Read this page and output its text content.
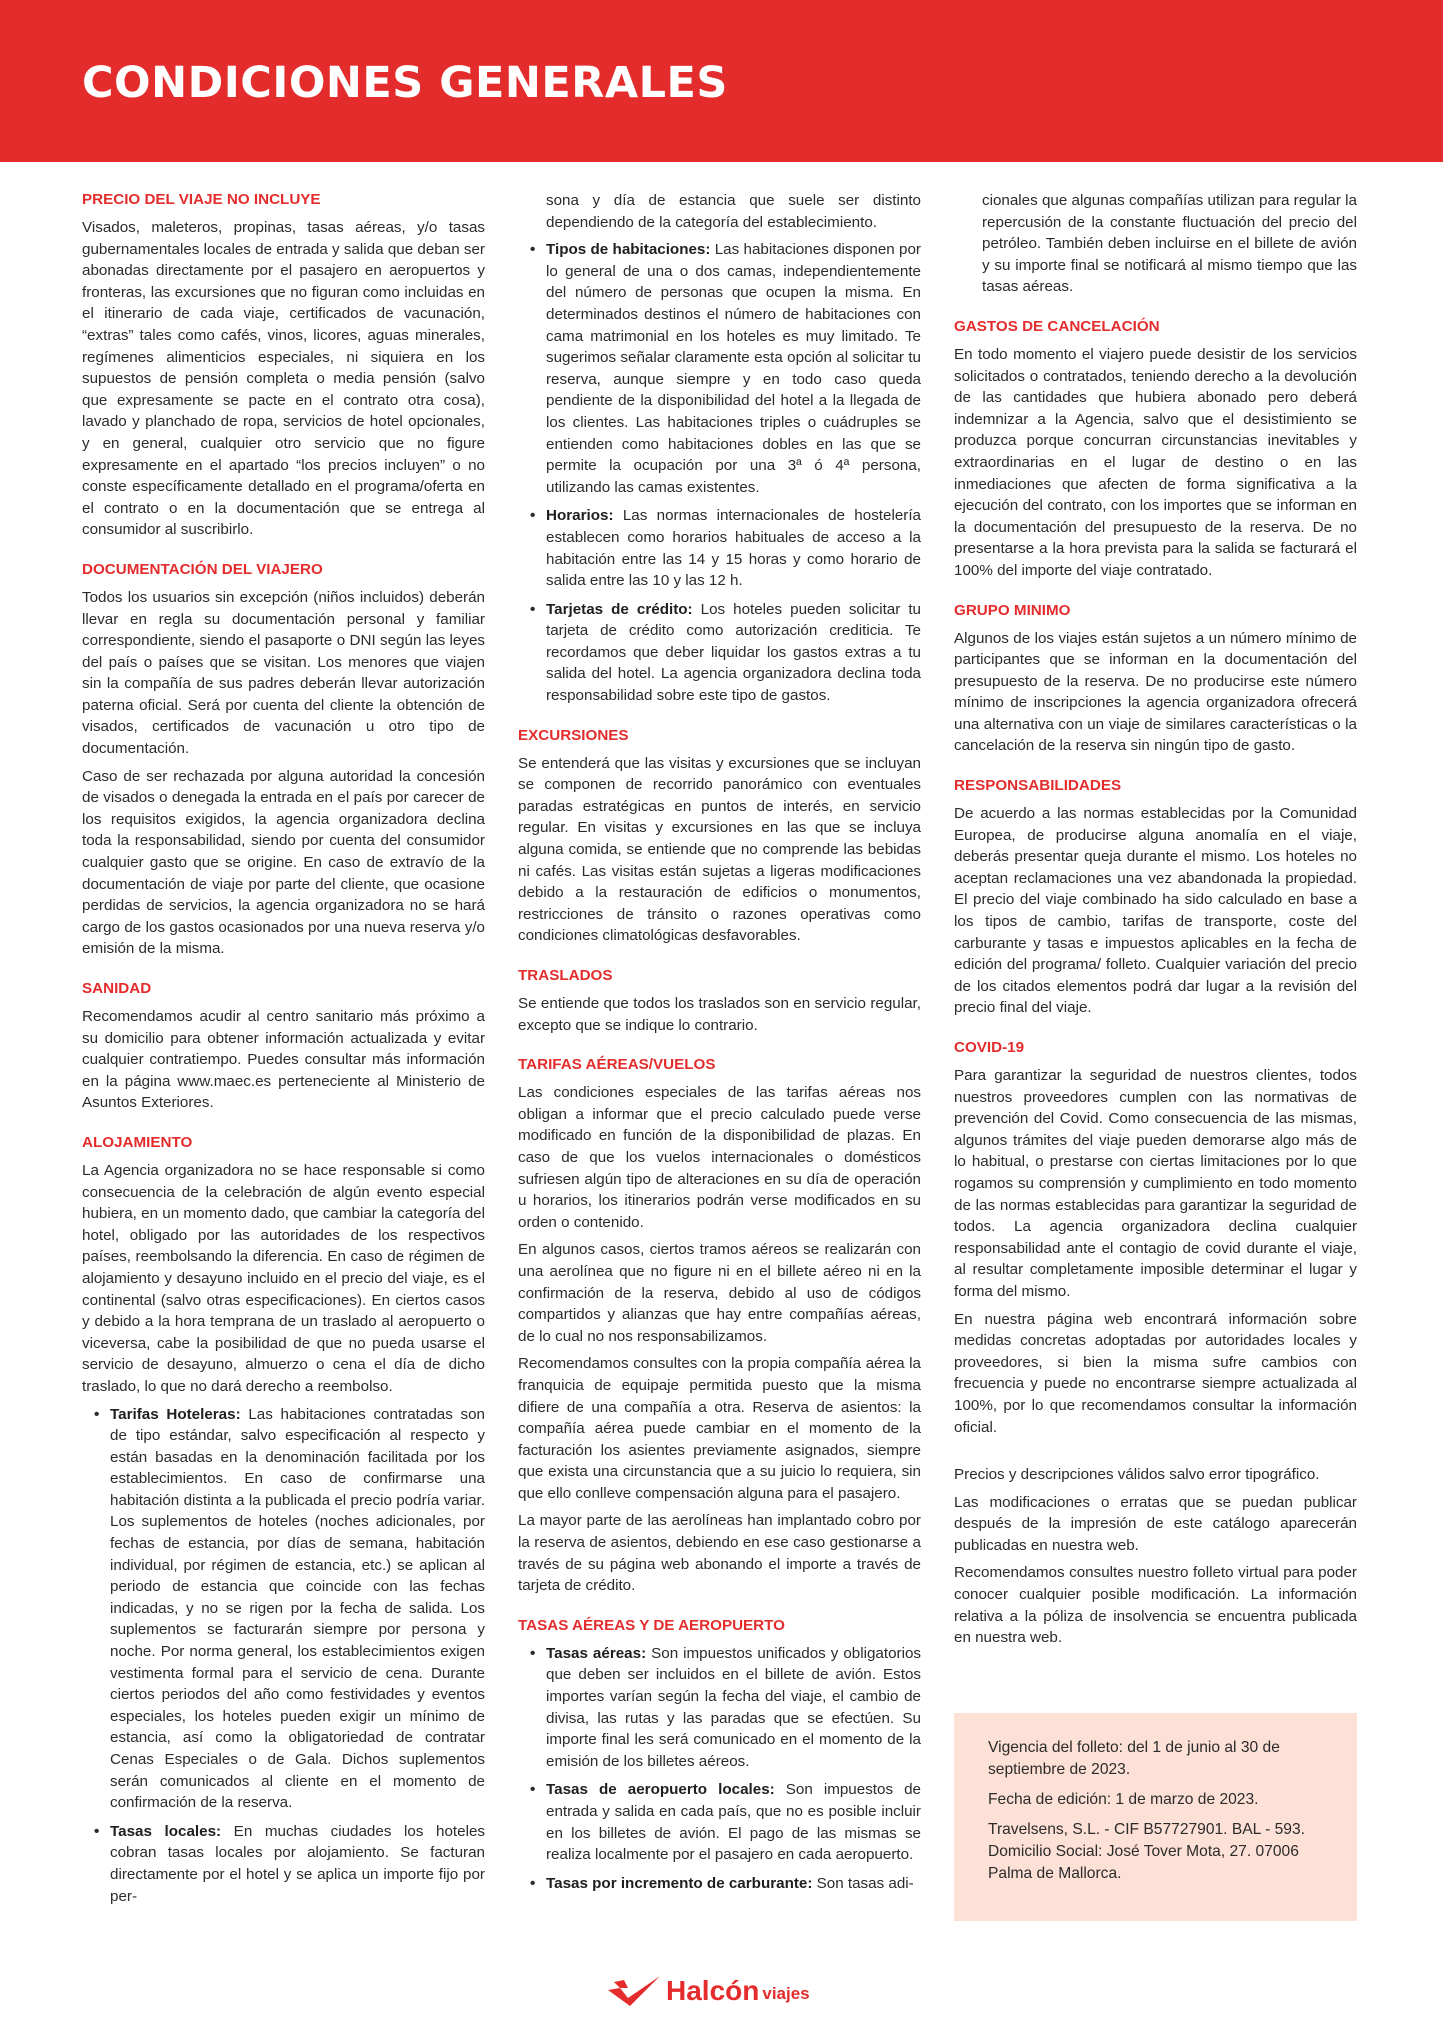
CONDICIONES GENERALES
PRECIO DEL VIAJE NO INCLUYE

Visados, maleteros, propinas, tasas aéreas, y/o tasas gubernamentales locales de entrada y salida que deban ser abonadas directamente por el pasajero en aeropuertos y fronteras, las excursiones que no figuran como incluidas en el itinerario de cada viaje, certificados de vacunación, “extras” tales como cafés, vinos, licores, aguas minerales, regímenes alimenticios especiales, ni siquiera en los supuestos de pensión completa o media pensión (salvo que expresamente se pacte en el contrato otra cosa), lavado y planchado de ropa, servicios de hotel opcionales, y en general, cualquier otro servicio que no figure expresamente en el apartado “los precios incluyen” o no conste específicamente detallado en el programa/oferta en el contrato o en la documentación que se entrega al consumidor al suscribirlo.

DOCUMENTACIÓN DEL VIAJERO

Todos los usuarios sin excepción (niños incluidos) deberán llevar en regla su documentación personal y familiar correspondiente, siendo el pasaporte o DNI según las leyes del país o países que se visitan. Los menores que viajen sin la compañía de sus padres deberán llevar autorización paterna oficial. Será por cuenta del cliente la obtención de visados, certificados de vacunación u otro tipo de documentación.

Caso de ser rechazada por alguna autoridad la concesión de visados o denegada la entrada en el país por carecer de los requisitos exigidos, la agencia organizadora declina toda la responsabilidad, siendo por cuenta del consumidor cualquier gasto que se origine. En caso de extravío de la documentación de viaje por parte del cliente, que ocasione perdidas de servicios, la agencia organizadora no se hará cargo de los gastos ocasionados por una nueva reserva y/o emisión de la misma.

SANIDAD

Recomendamos acudir al centro sanitario más próximo a su domicilio para obtener información actualizada y evitar cualquier contratiempo. Puedes consultar más información en la página www.maec.es perteneciente al Ministerio de Asuntos Exteriores.

ALOJAMIENTO

La Agencia organizadora no se hace responsable si como consecuencia de la celebración de algún evento especial hubiera, en un momento dado, que cambiar la categoría del hotel, obligado por las autoridades de los respectivos países, reembolsando la diferencia. En caso de régimen de alojamiento y desayuno incluido en el precio del viaje, es el continental (salvo otras especificaciones). En ciertos casos y debido a la hora temprana de un traslado al aeropuerto o viceversa, cabe la posibilidad de que no pueda usarse el servicio de desayuno, almuerzo o cena el día de dicho traslado, lo que no dará derecho a reembolso.

• Tarifas Hoteleras: Las habitaciones contratadas son de tipo estándar, salvo especificación al respecto y están basadas en la denominación facilitada por los establecimientos. En caso de confirmarse una habitación distinta a la publicada el precio podría variar. Los suplementos de hoteles (noches adicionales, por fechas de estancia, por días de semana, habitación individual, por régimen de estancia, etc.) se aplican al periodo de estancia que coincide con las fechas indicadas, y no se rigen por la fecha de salida. Los suplementos se facturarán siempre por persona y noche. Por norma general, los establecimientos exigen vestimenta formal para el servicio de cena. Durante ciertos periodos del año como festividades y eventos especiales, los hoteles pueden exigir un mínimo de estancia, así como la obligatoriedad de contratar Cenas Especiales o de Gala. Dichos suplementos serán comunicados al cliente en el momento de confirmación de la reserva.
• Tasas locales: En muchas ciudades los hoteles cobran tasas locales por alojamiento. Se facturan directamente por el hotel y se aplica un importe fijo por per-

sona y día de estancia que suele ser distinto dependiendo de la categoría del establecimiento.

• Tipos de habitaciones: Las habitaciones disponen por lo general de una o dos camas, independientemente del número de personas que ocupen la misma. En determinados destinos el número de habitaciones con cama matrimonial en los hoteles es muy limitado. Te sugerimos señalar claramente esta opción al solicitar tu reserva, aunque siempre y en todo caso queda pendiente de la disponibilidad del hotel a la llegada de los clientes. Las habitaciones triples o cuádruples se entienden como habitaciones dobles en las que se permite la ocupación por una 3ª ó 4ª persona, utilizando las camas existentes.
• Horarios: Las normas internacionales de hostelería establecen como horarios habituales de acceso a la habitación entre las 14 y 15 horas y como horario de salida entre las 10 y las 12 h.
• Tarjetas de crédito: Los hoteles pueden solicitar tu tarjeta de crédito como autorización crediticia. Te recordamos que deber liquidar los gastos extras a tu salida del hotel. La agencia organizadora declina toda responsabilidad sobre este tipo de gastos.
EXCURSIONES

Se entenderá que las visitas y excursiones que se incluyan se componen de recorrido panorámico con eventuales paradas estratégicas en puntos de interés, en servicio regular. En visitas y excursiones en las que se incluya alguna comida, se entiende que no comprende las bebidas ni cafés. Las visitas están sujetas a ligeras modificaciones debido a la restauración de edificios o monumentos, restricciones de tránsito o razones operativas como condiciones climatológicas desfavorables.

TRASLADOS

Se entiende que todos los traslados son en servicio regular, excepto que se indique lo contrario.

TARIFAS AÉREAS/VUELOS

Las condiciones especiales de las tarifas aéreas nos obligan a informar que el precio calculado puede verse modificado en función de la disponibilidad de plazas. En caso de que los vuelos internacionales o domésticos sufriesen algún tipo de alteraciones en su día de operación u horarios, los itinerarios podrán verse modificados en su orden o contenido.

En algunos casos, ciertos tramos aéreos se realizarán con una aerolínea que no figure ni en el billete aéreo ni en la confirmación de la reserva, debido al uso de códigos compartidos y alianzas que hay entre compañías aéreas, de lo cual no nos responsabilizamos.

Recomendamos consultes con la propia compañía aérea la franquicia de equipaje permitida puesto que la misma difiere de una compañía a otra. Reserva de asientos: la compañía aérea puede cambiar en el momento de la facturación los asientes previamente asignados, siempre que exista una circunstancia que a su juicio lo requiera, sin que ello conlleve compensación alguna para el pasajero.

La mayor parte de las aerolíneas han implantado cobro por la reserva de asientos, debiendo en ese caso gestionarse a través de su página web abonando el importe a través de tarjeta de crédito.

TASAS AÉREAS Y DE AEROPUERTO
• Tasas aéreas: Son impuestos unificados y obligatorios que deben ser incluidos en el billete de avión. Estos importes varían según la fecha del viaje, el cambio de divisa, las rutas y las paradas que se efectúen. Su importe final les será comunicado en el momento de la emisión de los billetes aéreos.
• Tasas de aeropuerto locales: Son impuestos de entrada y salida en cada país, que no es posible incluir en los billetes de avión. El pago de las mismas se realiza localmente por el pasajero en cada aeropuerto.
• Tasas por incremento de carburante: Son tasas adi-

cionales que algunas compañías utilizan para regular la repercusión de la constante fluctuación del precio del petróleo. También deben incluirse en el billete de avión y su importe final se notificará al mismo tiempo que las tasas aéreas.

GASTOS DE CANCELACIÓN

En todo momento el viajero puede desistir de los servicios solicitados o contratados, teniendo derecho a la devolución de las cantidades que hubiera abonado pero deberá indemnizar a la Agencia, salvo que el desistimiento se produzca porque concurran circunstancias inevitables y extraordinarias en el lugar de destino o en las inmediaciones que afecten de forma significativa a la ejecución del contrato, con los importes que se informan en la documentación del presupuesto de la reserva. De no presentarse a la hora prevista para la salida se facturará el 100% del importe del viaje contratado.

GRUPO MINIMO

Algunos de los viajes están sujetos a un número mínimo de participantes que se informan en la documentación del presupuesto de la reserva. De no producirse este número mínimo de inscripciones la agencia organizadora ofrecerá una alternativa con un viaje de similares características o la cancelación de la reserva sin ningún tipo de gasto.

RESPONSABILIDADES

De acuerdo a las normas establecidas por la Comunidad Europea, de producirse alguna anomalía en el viaje, deberás presentar queja durante el mismo. Los hoteles no aceptan reclamaciones una vez abandonada la propiedad. El precio del viaje combinado ha sido calculado en base a los tipos de cambio, tarifas de transporte, coste del carburante y tasas e impuestos aplicables en la fecha de edición del programa/ folleto. Cualquier variación del precio de los citados elementos podrá dar lugar a la revisión del precio final del viaje.

COVID-19

Para garantizar la seguridad de nuestros clientes, todos nuestros proveedores cumplen con las normativas de prevención del Covid. Como consecuencia de las mismas, algunos trámites del viaje pueden demorarse algo más de lo habitual, o prestarse con ciertas limitaciones por lo que rogamos su comprensión y cumplimiento en todo momento de las normas establecidas para garantizar la seguridad de todos. La agencia organizadora declina cualquier responsabilidad ante el contagio de covid durante el viaje, al resultar completamente imposible determinar el lugar y forma del mismo.

En nuestra página web encontrará información sobre medidas concretas adoptadas por autoridades locales y proveedores, si bien la misma sufre cambios con frecuencia y puede no encontrarse siempre actualizada al 100%, por lo que recomendamos consultar la información oficial.

Precios y descripciones válidos salvo error tipográfico.

Las modificaciones o erratas que se puedan publicar después de la impresión de este catálogo aparecerán publicadas en nuestra web.

Recomendamos consultes nuestro folleto virtual para poder conocer cualquier posible modificación. La información relativa a la póliza de insolvencia se encuentra publicada en nuestra web.

Vigencia del folleto: del 1 de junio al 30 de septiembre de 2023.

Fecha de edición: 1 de marzo de 2023.

Travelsens, S.L. - CIF B57727901. BAL - 593. Domicilio Social: José Tover Mota, 27. 07006 Palma de Mallorca.

Halcón viajes
